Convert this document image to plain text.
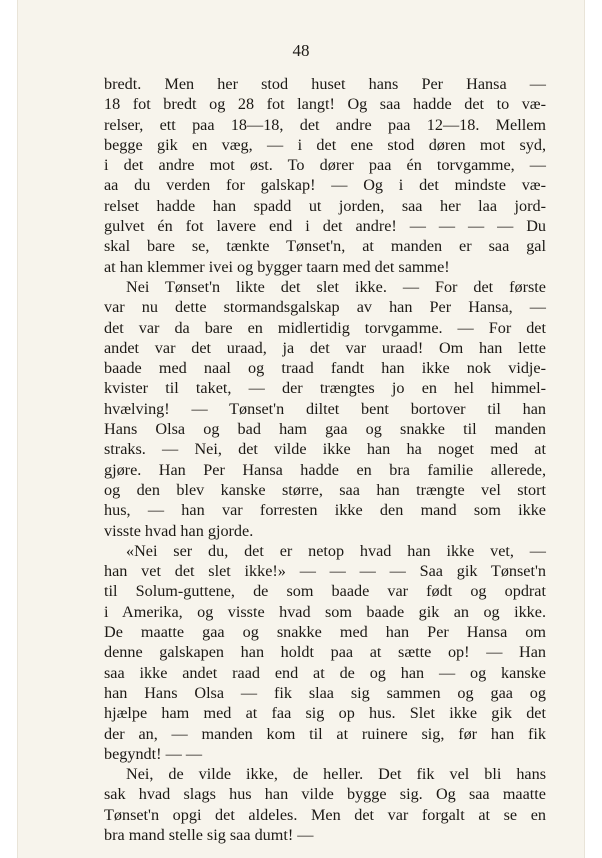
48
bredt. Men her stod huset hans Per Hansa —
18 fot bredt og 28 fot langt! Og saa hadde det to væ-
relser, ett paa 18—18, det andre paa 12—18. Mellem
begge gik en væg, — i det ene stod døren mot syd,
i det andre mot øst. To dører paa én torvgamme, —
aa du verden for galskap! — Og i det mindste væ-
relset hadde han spadd ut jorden, saa her laa jord-
gulvet én fot lavere end i det andre! — — — — Du
skal bare se, tænkte Tønset'n, at manden er saa gal
at han klemmer ivei og bygger taarn med det samme!
Nei Tønset'n likte det slet ikke. — For det første
var nu dette stormandsgalskap av han Per Hansa, —
det var da bare en midlertidig torvgamme. — For det
andet var det uraad, ja det var uraad! Om han lette
baade med naal og traad fandt han ikke nok vidje-
kvister til taket, — der trængtes jo en hel himmel-
hvælving! — Tønset'n diltet bent bortover til han
Hans Olsa og bad ham gaa og snakke til manden
straks. — Nei, det vilde ikke han ha noget med at
gjøre. Han Per Hansa hadde en bra familie allerede,
og den blev kanske større, saa han trængte vel stort
hus, — han var forresten ikke den mand som ikke
visste hvad han gjorde.
«Nei ser du, det er netop hvad han ikke vet, —
han vet det slet ikke!» — — — — Saa gik Tønset'n
til Solum-guttene, de som baade var født og opdrat
i Amerika, og visste hvad som baade gik an og ikke.
De maatte gaa og snakke med han Per Hansa om
denne galskapen han holdt paa at sætte op! — Han
saa ikke andet raad end at de og han — og kanske
han Hans Olsa — fik slaa sig sammen og gaa og
hjælpe ham med at faa sig op hus. Slet ikke gik det
der an, — manden kom til at ruinere sig, før han fik
begyndt! — —
Nei, de vilde ikke, de heller. Det fik vel bli hans
sak hvad slags hus han vilde bygge sig. Og saa maatte
Tønset'n opgi det aldeles. Men det var forgalt at se en
bra mand stelle sig saa dumt! —
